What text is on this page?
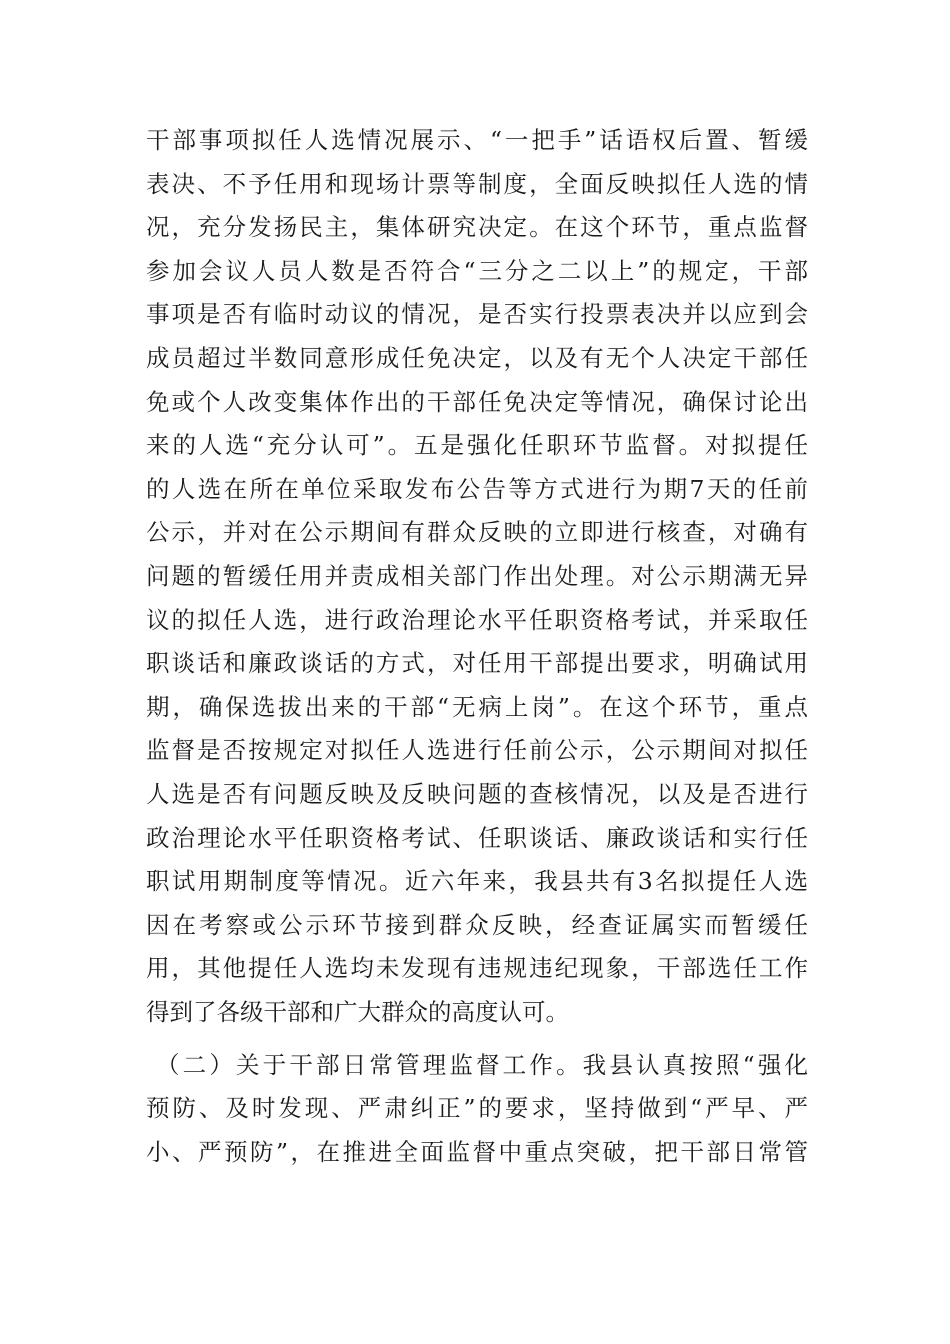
干部事项拟任人选情况展示、“一把手”话语权后置、暂缓
表决、不予任用和现场计票等制度，全面反映拟任人选的情
况，充分发扬民主，集体研究决定。在这个环节，重点监督
参加会议人员人数是否符合“三分之二以上”的规定，干部
事项是否有临时动议的情况，是否实行投票表决并以应到会
成员超过半数同意形成任免决定，以及有无个人决定干部任
免或个人改变集体作出的干部任免决定等情况，确保讨论出
来的人选“充分认可”。五是强化任职环节监督。对拟提任
的人选在所在单位采取发布公告等方式进行为期7天的任前
公示，并对在公示期间有群众反映的立即进行核查，对确有
问题的暂缓任用并责成相关部门作出处理。对公示期满无异
议的拟任人选，进行政治理论水平任职资格考试，并采取任
职谈话和廉政谈话的方式，对任用干部提出要求，明确试用
期，确保选拔出来的干部“无病上岗”。在这个环节，重点
监督是否按规定对拟任人选进行任前公示，公示期间对拟任
人选是否有问题反映及反映问题的查核情况，以及是否进行
政治理论水平任职资格考试、任职谈话、廉政谈话和实行任
职试用期制度等情况。近六年来，我县共有3名拟提任人选
因在考察或公示环节接到群众反映，经查证属实而暂缓任
用，其他提任人选均未发现有违规违纪现象，干部选任工作
得到了各级干部和广大群众的高度认可。
（二）关于干部日常管理监督工作。我县认真按照“强化
预防、及时发现、严肃纠正”的要求，坚持做到“严早、严
小、严预防”，在推进全面监督中重点突破，把干部日常管
